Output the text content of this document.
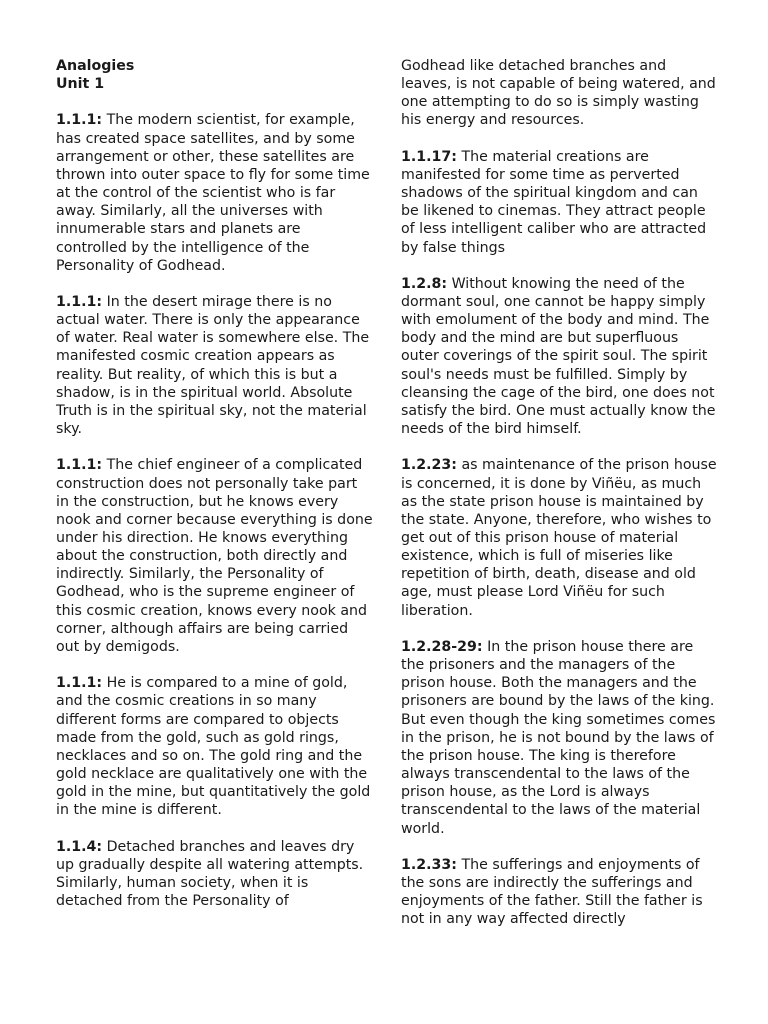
Analogies
Unit 1

1.1.1: The modern scientist, for example, has created space satellites, and by some arrangement or other, these satellites are thrown into outer space to fly for some time at the control of the scientist who is far away. Similarly, all the universes with innumerable stars and planets are controlled by the intelligence of the Personality of Godhead.

1.1.1: In the desert mirage there is no actual water. There is only the appearance of water. Real water is somewhere else. The manifested cosmic creation appears as reality. But reality, of which this is but a shadow, is in the spiritual world. Absolute Truth is in the spiritual sky, not the material sky.

1.1.1: The chief engineer of a complicated construction does not personally take part in the construction, but he knows every nook and corner because everything is done under his direction. He knows everything about the construction, both directly and indirectly. Similarly, the Personality of Godhead, who is the supreme engineer of this cosmic creation, knows every nook and corner, although affairs are being carried out by demigods.

1.1.1: He is compared to a mine of gold, and the cosmic creations in so many different forms are compared to objects made from the gold, such as gold rings, necklaces and so on. The gold ring and the gold necklace are qualitatively one with the gold in the mine, but quantitatively the gold in the mine is different.

1.1.4: Detached branches and leaves dry up gradually despite all watering attempts. Similarly, human society, when it is detached from the Personality of

Godhead like detached branches and leaves, is not capable of being watered, and one attempting to do so is simply wasting his energy and resources.

1.1.17: The material creations are manifested for some time as perverted shadows of the spiritual kingdom and can be likened to cinemas. They attract people of less intelligent caliber who are attracted by false things

1.2.8: Without knowing the need of the dormant soul, one cannot be happy simply with emolument of the body and mind. The body and the mind are but superfluous outer coverings of the spirit soul. The spirit soul's needs must be fulfilled. Simply by cleansing the cage of the bird, one does not satisfy the bird. One must actually know the needs of the bird himself.

1.2.23: as maintenance of the prison house is concerned, it is done by Viñëu, as much as the state prison house is maintained by the state. Anyone, therefore, who wishes to get out of this prison house of material existence, which is full of miseries like repetition of birth, death, disease and old age, must please Lord Viñëu for such liberation.

1.2.28-29: In the prison house there are the prisoners and the managers of the prison house. Both the managers and the prisoners are bound by the laws of the king. But even though the king sometimes comes in the prison, he is not bound by the laws of the prison house. The king is therefore always transcendental to the laws of the prison house, as the Lord is always transcendental to the laws of the material world.

1.2.33: The sufferings and enjoyments of the sons are indirectly the sufferings and enjoyments of the father. Still the father is not in any way affected directly
